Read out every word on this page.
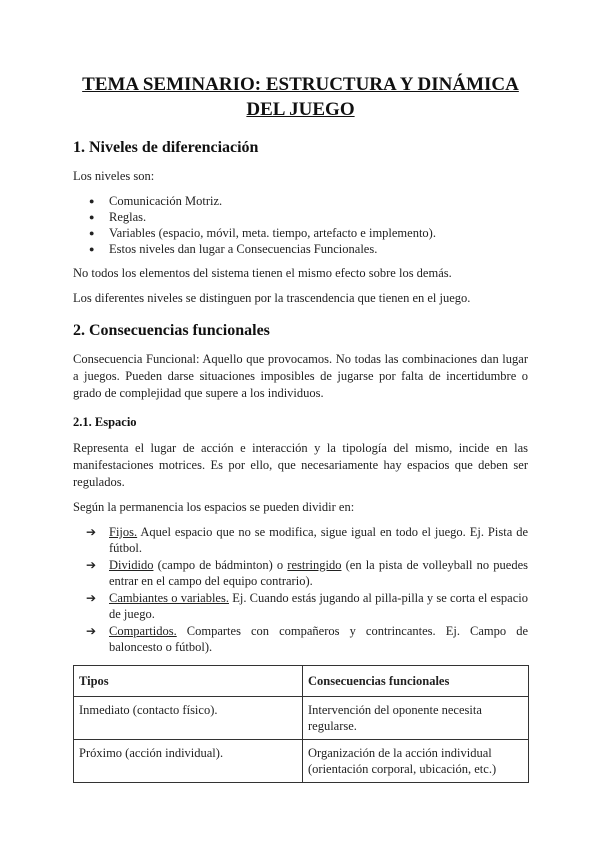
TEMA SEMINARIO: ESTRUCTURA Y DINÁMICA
DEL JUEGO
1. Niveles de diferenciación

Los niveles son:

● Comunicación Motriz.
● Reglas.
● Variables (espacio, móvil, meta. tiempo, artefacto e implemento).
● Estos niveles dan lugar a Consecuencias Funcionales.

No todos los elementos del sistema tienen el mismo efecto sobre los demás.

Los diferentes niveles se distinguen por la trascendencia que tienen en el juego.

2. Consecuencias funcionales

Consecuencia Funcional: Aquello que provocamos. No todas las combinaciones dan lugar a juegos. Pueden darse situaciones imposibles de jugarse por falta de incertidumbre o grado de complejidad que supere a los individuos.

2.1. Espacio

Representa el lugar de acción e interacción y la tipología del mismo, incide en las manifestaciones motrices. Es por ello, que necesariamente hay espacios que deben ser regulados.

Según la permanencia los espacios se pueden dividir en:

➔ Fijos. Aquel espacio que no se modifica, sigue igual en todo el juego. Ej. Pista de fútbol.
➔ Dividido (campo de bádminton) o restringido (en la pista de volleyball no puedes entrar en el campo del equipo contrario).
➔ Cambiantes o variables. Ej. Cuando estás jugando al pilla-pilla y se corta el espacio de juego.
➔ Compartidos. Compartes con compañeros y contrincantes. Ej. Campo de baloncesto o fútbol).
Tipos	Consecuencias funcionales
Inmediato (contacto físico).	Intervención del oponente necesita regularse.
Próximo (acción individual).	Organización de la acción individual (orientación corporal, ubicación, etc.)
